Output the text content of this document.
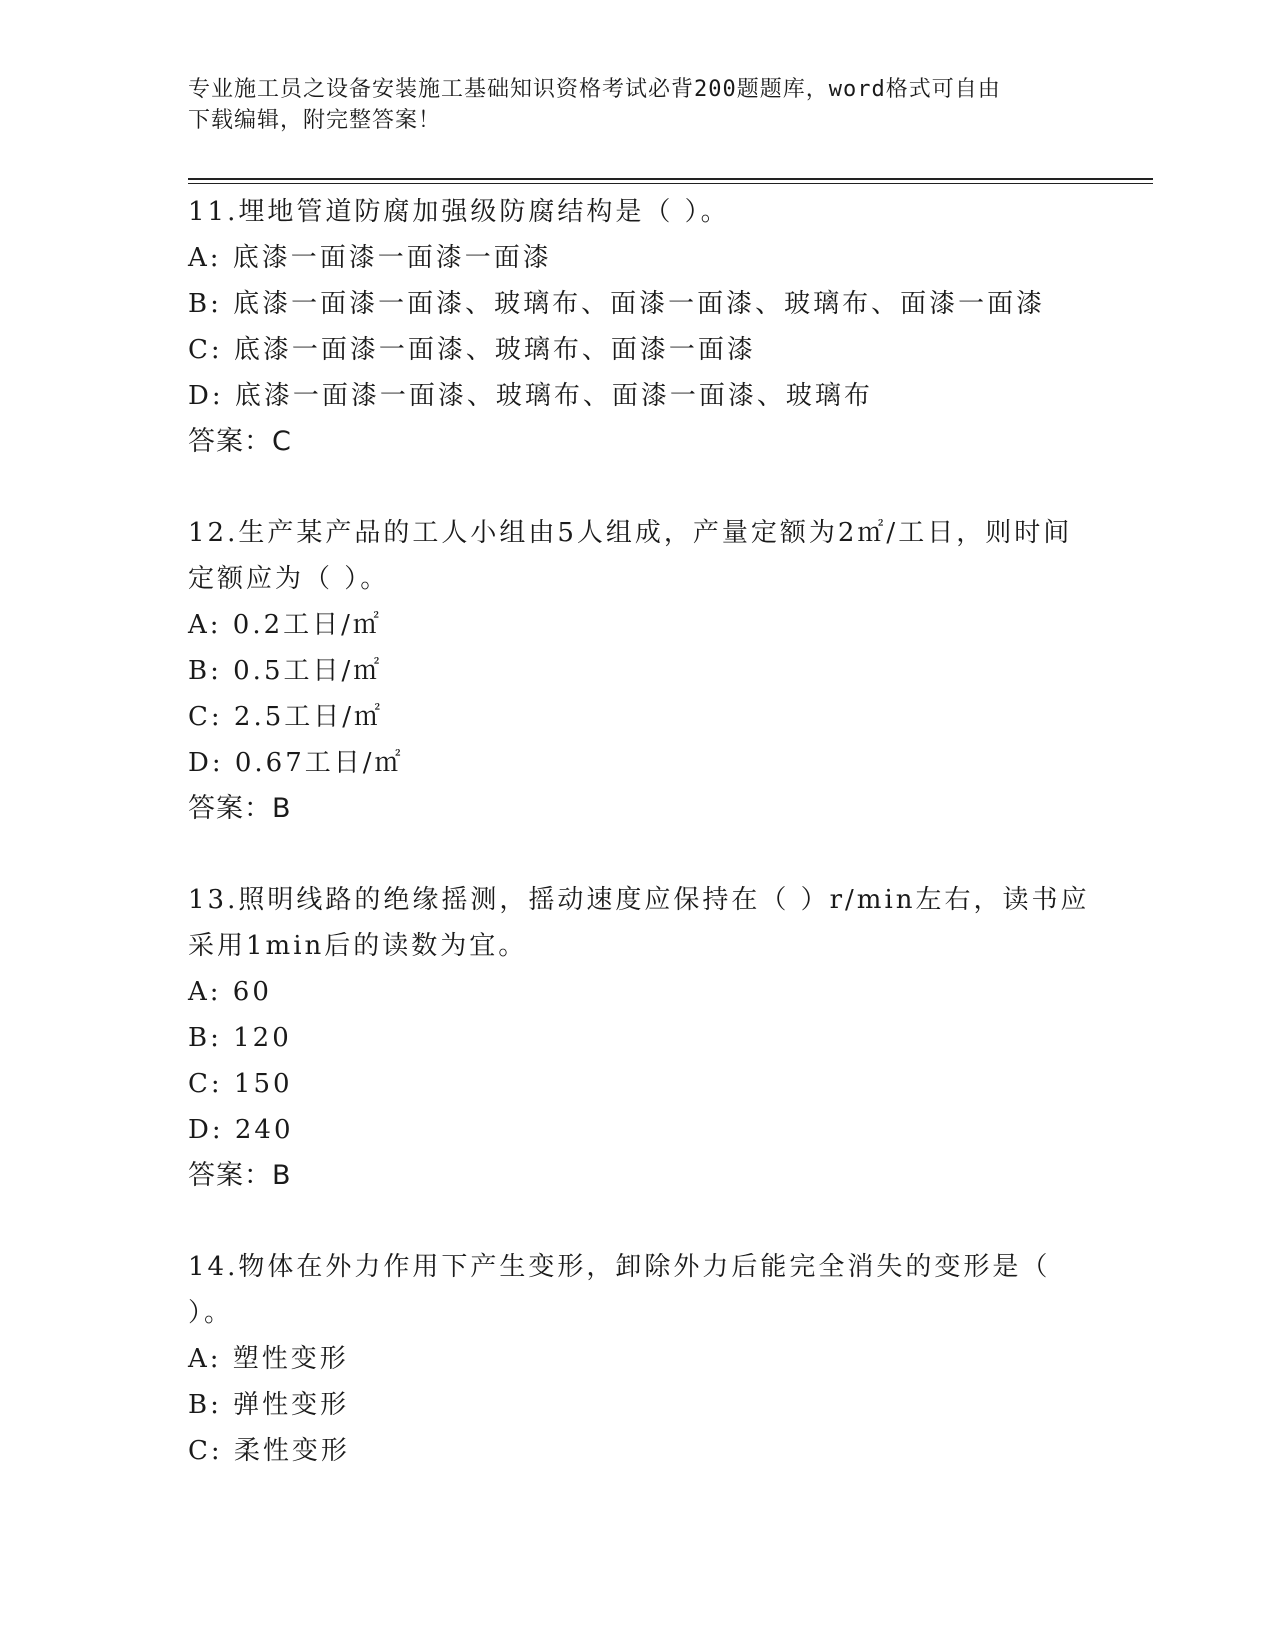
专业施工员之设备安装施工基础知识资格考试必背200题题库，word格式可自由
下载编辑，附完整答案！
11.埋地管道防腐加强级防腐结构是（ ）。
A: 底漆一面漆一面漆一面漆
B: 底漆一面漆一面漆、玻璃布、面漆一面漆、玻璃布、面漆一面漆
C: 底漆一面漆一面漆、玻璃布、面漆一面漆
D: 底漆一面漆一面漆、玻璃布、面漆一面漆、玻璃布
答案：C
12.生产某产品的工人小组由5人组成，产量定额为2㎡/工日，则时间
定额应为（ ）。
A: 0.2工日/㎡
B: 0.5工日/㎡
C: 2.5工日/㎡
D: 0.67工日/㎡
答案：B
13.照明线路的绝缘摇测，摇动速度应保持在（ ）r/min左右，读书应
采用1min后的读数为宜。
A: 60
B: 120
C: 150
D: 240
答案：B
14.物体在外力作用下产生变形，卸除外力后能完全消失的变形是（
）。
A: 塑性变形
B: 弹性变形
C: 柔性变形
